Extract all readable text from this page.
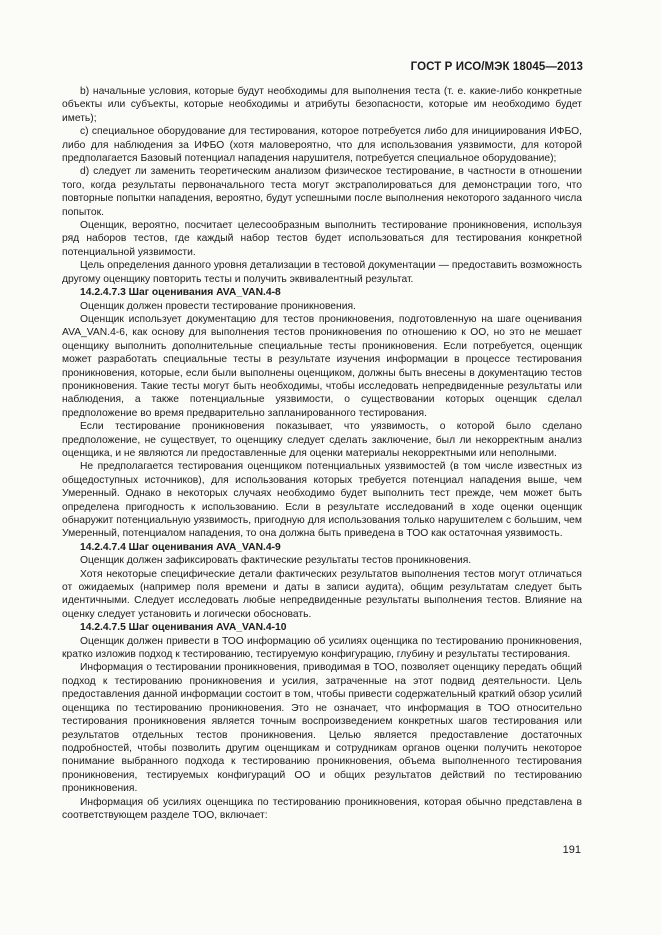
ГОСТ Р ИСО/МЭК 18045—2013

b) начальные условия, которые будут необходимы для выполнения теста (т. е. какие-либо конкретные объекты или субъекты, которые необходимы и атрибуты безопасности, которые им необходимо будет иметь);

c) специальное оборудование для тестирования, которое потребуется либо для инициирования ИФБО, либо для наблюдения за ИФБО (хотя маловероятно, что для использования уязвимости, для которой предполагается Базовый потенциал нападения нарушителя, потребуется специальное оборудование);

d) следует ли заменить теоретическим анализом физическое тестирование, в частности в отношении того, когда результаты первоначального теста могут экстраполироваться для демонстрации того, что повторные попытки нападения, вероятно, будут успешными после выполнения некоторого заданного числа попыток.

Оценщик, вероятно, посчитает целесообразным выполнить тестирование проникновения, используя ряд наборов тестов, где каждый набор тестов будет использоваться для тестирования конкретной потенциальной уязвимости.

Цель определения данного уровня детализации в тестовой документации — предоставить возможность другому оценщику повторить тесты и получить эквивалентный результат.

14.2.4.7.3 Шаг оценивания AVA_VAN.4-8

Оценщик должен провести тестирование проникновения.

Оценщик использует документацию для тестов проникновения, подготовленную на шаге оценивания AVA_VAN.4-6, как основу для выполнения тестов проникновения по отношению к ОО, но это не мешает оценщику выполнить дополнительные специальные тесты проникновения. Если потребуется, оценщик может разработать специальные тесты в результате изучения информации в процессе тестирования проникновения, которые, если были выполнены оценщиком, должны быть внесены в документацию тестов проникновения. Такие тесты могут быть необходимы, чтобы исследовать непредвиденные результаты или наблюдения, а также потенциальные уязвимости, о существовании которых оценщик сделал предположение во время предварительно запланированного тестирования.

Если тестирование проникновения показывает, что уязвимость, о которой было сделано предположение, не существует, то оценщику следует сделать заключение, был ли некорректным анализ оценщика, и не являются ли предоставленные для оценки материалы некорректными или неполными.

Не предполагается тестирования оценщиком потенциальных уязвимостей (в том числе известных из общедоступных источников), для использования которых требуется потенциал нападения выше, чем Умеренный. Однако в некоторых случаях необходимо будет выполнить тест прежде, чем может быть определена пригодность к использованию. Если в результате исследований в ходе оценки оценщик обнаружит потенциальную уязвимость, пригодную для использования только нарушителем с большим, чем Умеренный, потенциалом нападения, то она должна быть приведена в ТОО как остаточная уязвимость.

14.2.4.7.4 Шаг оценивания AVA_VAN.4-9

Оценщик должен зафиксировать фактические результаты тестов проникновения.

Хотя некоторые специфические детали фактических результатов выполнения тестов могут отличаться от ожидаемых (например поля времени и даты в записи аудита), общим результатам следует быть идентичными. Следует исследовать любые непредвиденные результаты выполнения тестов. Влияние на оценку следует установить и логически обосновать.

14.2.4.7.5 Шаг оценивания AVA_VAN.4-10

Оценщик должен привести в ТОО информацию об усилиях оценщика по тестированию проникновения, кратко изложив подход к тестированию, тестируемую конфигурацию, глубину и результаты тестирования.

Информация о тестировании проникновения, приводимая в ТОО, позволяет оценщику передать общий подход к тестированию проникновения и усилия, затраченные на этот подвид деятельности. Цель предоставления данной информации состоит в том, чтобы привести содержательный краткий обзор усилий оценщика по тестированию проникновения. Это не означает, что информация в ТОО относительно тестирования проникновения является точным воспроизведением конкретных шагов тестирования или результатов отдельных тестов проникновения. Целью является предоставление достаточных подробностей, чтобы позволить другим оценщикам и сотрудникам органов оценки получить некоторое понимание выбранного подхода к тестированию проникновения, объема выполненного тестирования проникновения, тестируемых конфигураций ОО и общих результатов действий по тестированию проникновения.

Информация об усилиях оценщика по тестированию проникновения, которая обычно представлена в соответствующем разделе ТОО, включает:

191
